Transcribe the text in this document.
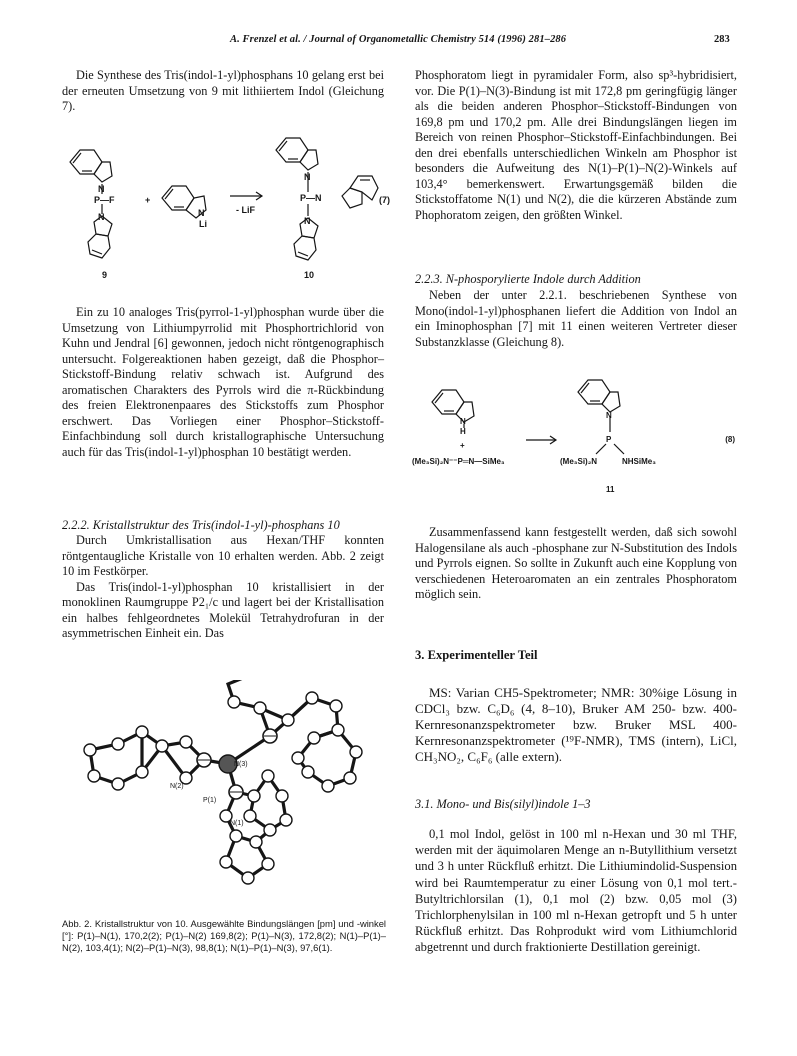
A. Frenzel et al. / Journal of Organometallic Chemistry 514 (1996) 281–286	283

Die Synthese des Tris(indol-1-yl)phosphans 10 gelang erst bei der erneuten Umsetzung von 9 mit lithiiertem Indol (Gleichung 7).

N
P—F
N
+
N
Li
- LiF
N
P—N
N
(7)
9	10

Ein zu 10 analoges Tris(pyrrol-1-yl)phosphan wurde über die Umsetzung von Lithiumpyrrolid mit Phosphortrichlorid von Kuhn und Jendral [6] gewonnen, jedoch nicht röntgenographisch untersucht. Folgereaktionen haben gezeigt, daß die Phosphor–Stickstoff-Bindung relativ schwach ist. Aufgrund des aromatischen Charakters des Pyrrols wird die π-Rückbindung des freien Elektronenpaares des Stickstoffs zum Phosphor erschwert. Das Vorliegen einer Phosphor–Stickstoff-Einfachbindung soll durch kristallographische Untersuchung auch für das Tris(indol-1-yl)phosphan 10 bestätigt werden.

2.2.2. Kristallstruktur des Tris(indol-1-yl)-phosphans 10

Durch Umkristallisation aus Hexan/THF konnten röntgentaugliche Kristalle von 10 erhalten werden. Abb. 2 zeigt 10 im Festkörper.

Das Tris(indol-1-yl)phosphan 10 kristallisiert in der monoklinen Raumgruppe P2₁/c und lagert bei der Kristallisation ein halbes fehlgeordnetes Molekül Tetrahydrofuran in der asymmetrischen Einheit ein. Das

N(3)
N(2)
P(1)
N(1)
Abb. 2. Kristallstruktur von 10. Ausgewählte Bindungslängen [pm] und -winkel [°]: P(1)–N(1), 170,2(2); P(1)–N(2) 169,8(2); P(1)–N(3), 172,8(2); N(1)–P(1)–N(2), 103,4(1); N(2)–P(1)–N(3), 98,8(1); N(1)–P(1)–N(3), 97,6(1).

Phosphoratom liegt in pyramidaler Form, also sp³-hybridisiert, vor. Die P(1)–N(3)-Bindung ist mit 172,8 pm geringfügig länger als die beiden anderen Phosphor–Stickstoff-Bindungen von 169,8 pm und 170,2 pm. Alle drei Bindungslängen liegen im Bereich von reinen Phosphor–Stickstoff-Einfachbindungen. Bei den drei ebenfalls unterschiedlichen Winkeln am Phosphor ist besonders die Aufweitung des N(1)–P(1)–N(2)-Winkels auf 103,4° bemerkenswert. Erwartungsgemäß bilden die Stickstoffatome N(1) und N(2), die die kürzeren Abstände zum Phophoratom zeigen, den größten Winkel.

2.2.3. N-phosporylierte Indole durch Addition

Neben der unter 2.2.1. beschriebenen Synthese von Mono(indol-1-yl)phosphanen liefert die Addition von Indol an ein Iminophosphan [7] mit 11 einen weiteren Vertreter dieser Substanzklasse (Gleichung 8).

N
H
+
(Me₃Si)₂N⁻⁻P═N—SiMe₃
N
P
(Me₃Si)₂N	NHSiMe₃
(8)
11

Zusammenfassend kann festgestellt werden, daß sich sowohl Halogensilane als auch -phosphane zur N-Substitution des Indols und Pyrrols eignen. So sollte in Zukunft auch eine Kopplung von verschiedenen Heteroaromaten an ein zentrales Phosphoratom möglich sein.

3. Experimenteller Teil

MS: Varian CH5-Spektrometer; NMR: 30%ige Lösung in CDCl₃ bzw. C₆D₆ (4, 8–10), Bruker AM 250- bzw. 400-Kernresonanzspektrometer bzw. Bruker MSL 400-Kernresonanzspektrometer (¹⁹F-NMR), TMS (intern), LiCl, CH₃NO₂, C₆F₆ (alle extern).

3.1. Mono- und Bis(silyl)indole 1–3

0,1 mol Indol, gelöst in 100 ml n-Hexan und 30 ml THF, werden mit der äquimolaren Menge an n-Butyllithium versetzt und 3 h unter Rückfluß erhitzt. Die Lithiumindolid-Suspension wird bei Raumtemperatur zu einer Lösung von 0,1 mol tert.-Butyltrichlorsilan (1), 0,1 mol (2) bzw. 0,05 mol (3) Trichlorphenylsilan in 100 ml n-Hexan getropft und 5 h unter Rückfluß erhitzt. Das Rohprodukt wird vom Lithiumchlorid abgetrennt und durch fraktionierte Destillation gereinigt.
